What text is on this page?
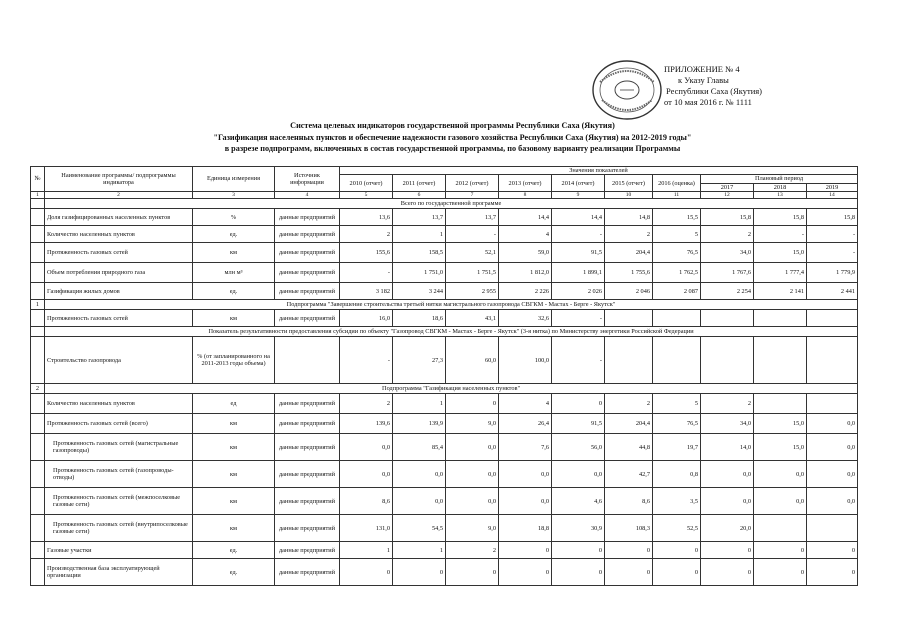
ПРИЛОЖЕНИЕ № 4
к Указу Главы
Республики Саха (Якутия)
от 10 мая 2016 г. № 1111
Система целевых индикаторов государственной программы Республики Саха (Якутия)
"Газификация населенных пунктов и обеспечение надежности газового хозяйства Республики Саха (Якутия) на 2012-2019 годы"
в разрезе подпрограмм, включенных в состав государственной программы, по базовому варианту реализации Программы
№	Наименование программы/ подпрограммы индикатора	Единица измерения	Источник информации	Значения показателей									
				2010 (отчет)	2011 (отчет)	2012 (отчет)	2013 (отчет)	2014 (отчет)	2015 (отчет)	2016 (оценка)	Плановый период		
											2017	2018	2019
1	2	3	4	5	6	7	8	9	10	11	12	13	14
	Всего по государственной программе												
	Доля газифицированных населенных пунктов	%	данные предприятий	13,6	13,7	13,7	14,4	14,4	14,8	15,5	15,8	15,8	15,8
	Количество населенных пунктов	ед.	данные предприятий	2	1	-	4	-	2	5	2	-	-
	Протяженность газовых сетей	км	данные предприятий	155,6	158,5	52,1	59,0	91,5	204,4	76,5	34,0	15,0	-
	Объем потребления природного газа	млн м³	данные предприятий	-	1 751,0	1 751,5	1 812,0	1 899,1	1 755,6	1 762,5	1 767,6	1 777,4	1 779,9
	Газификация жилых домов	ед.	данные предприятий	3 182	3 244	2 955	2 226	2 026	2 046	2 087	2 254	2 141	2 441
1	Подпрограмма "Завершение строительства третьей нитки магистрального газопровода СВГКМ - Мастах - Берге - Якутск"												
	Протяженность газовых сетей	км	данные предприятий	16,0	18,6	43,1	32,6	-					
	Показатель результативности предоставления субсидии по объекту "Газопровод СВГКМ - Мастах - Берге - Якутск" (3-я нитка) по Министерству энергетики Российской Федерации												
	Строительство газопровода	% (от запланированного на 2011-2013 годы объема)		-	27,3	60,0	100,0	-					
2	Подпрограмма "Газификация населенных пунктов"												
	Количество населенных пунктов	ед	данные предприятий	2	1	0	4	0	2	5	2		
	Протяженность газовых сетей (всего)	км	данные предприятий	139,6	139,9	9,0	26,4	91,5	204,4	76,5	34,0	15,0	0,0
	Протяженность газовых сетей (магистральные газопроводы)	км	данные предприятий	0,0	85,4	0,0	7,6	56,0	44,8	19,7	14,0	15,0	0,0
	Протяженность газовых сетей (газопроводы-отводы)	км	данные предприятий	0,0	0,0	0,0	0,0	0,0	42,7	0,8	0,0	0,0	0,0
	Протяженность газовых сетей (межпоселковые газовые сети)	км	данные предприятий	8,6	0,0	0,0	0,0	4,6	8,6	3,5	0,0	0,0	0,0
	Протяженность газовых сетей (внутрипоселковые газовые сети)	км	данные предприятий	131,0	54,5	9,0	18,8	30,9	108,3	52,5	20,0		
	Газовые участки	ед.	данные предприятий	1	1	2	0	0	0	0	0	0	0
	Производственная база эксплуатирующей организации	ед.	данные предприятий	0	0	0	0	0	0	0	0	0	0
